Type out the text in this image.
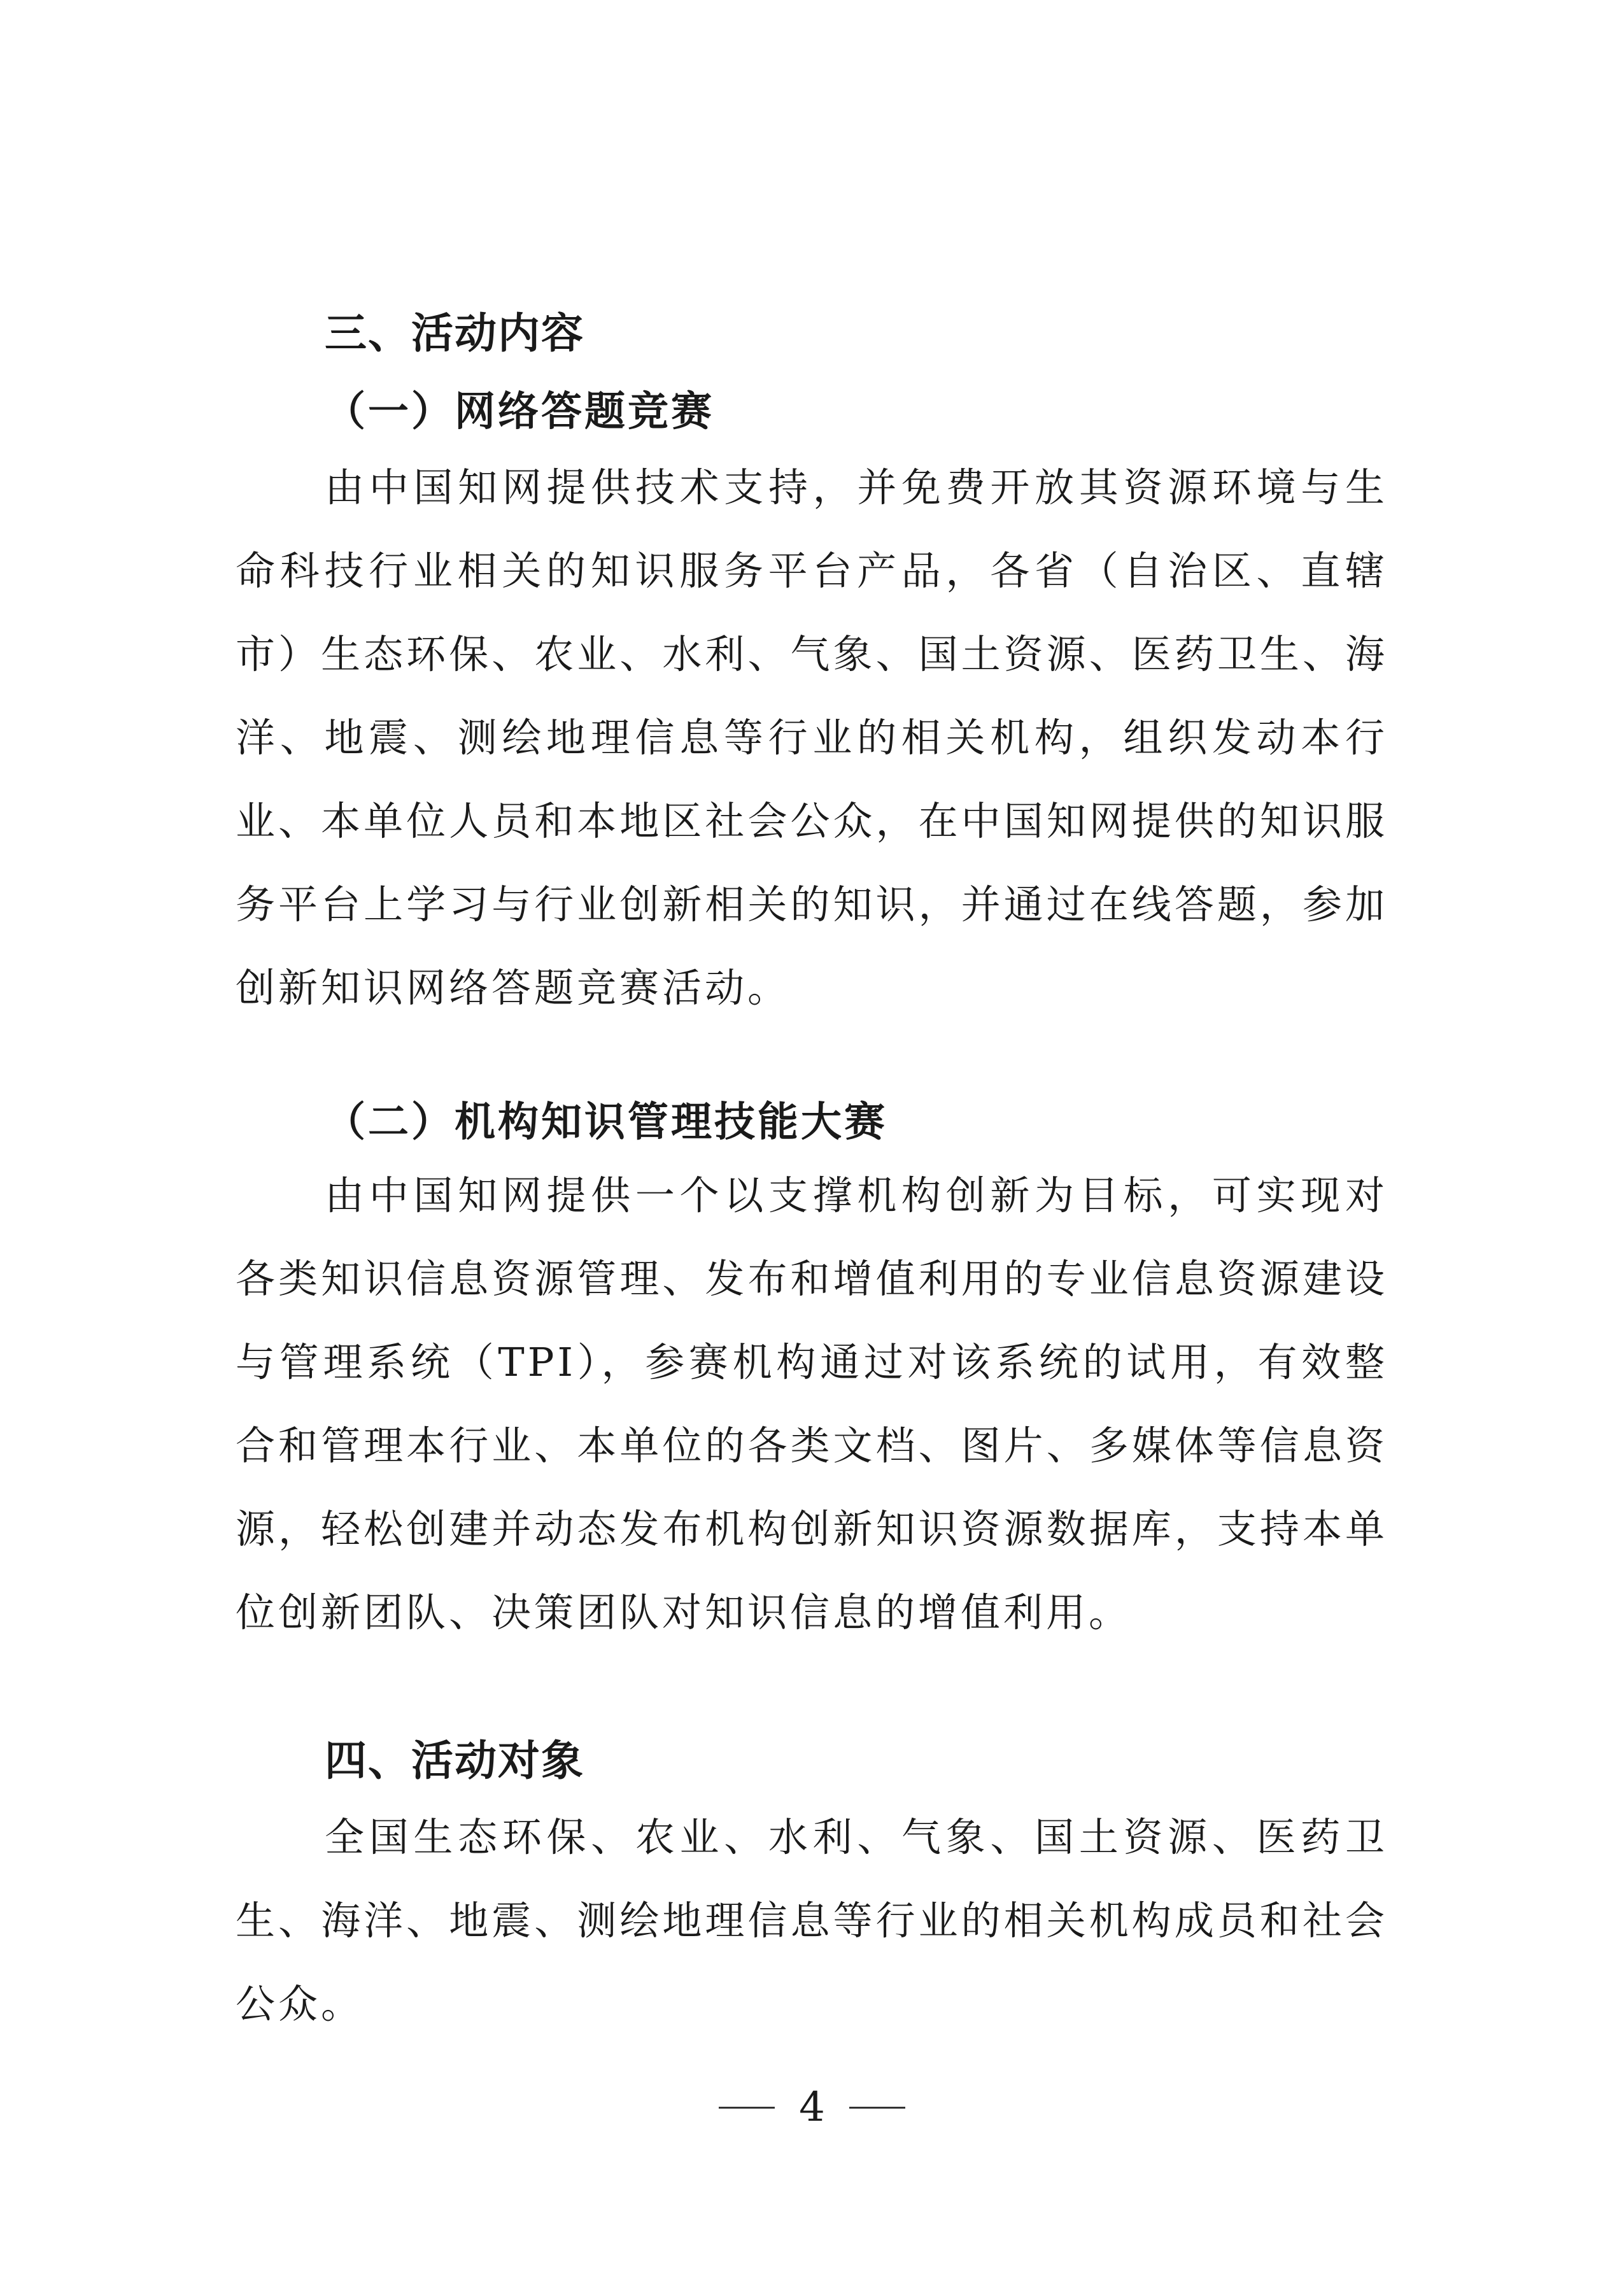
三、活动内容
（一）网络答题竞赛

由中国知网提供技术支持，并免费开放其资源环境与生命科技行业相关的知识服务平台产品，各省（自治区、直辖市）生态环保、农业、水利、气象、国土资源、医药卫生、海洋、地震、测绘地理信息等行业的相关机构，组织发动本行业、本单位人员和本地区社会公众，在中国知网提供的知识服务平台上学习与行业创新相关的知识，并通过在线答题，参加创新知识网络答题竞赛活动。

（二）机构知识管理技能大赛

由中国知网提供一个以支撑机构创新为目标，可实现对各类知识信息资源管理、发布和增值利用的专业信息资源建设与管理系统（TPI），参赛机构通过对该系统的试用，有效整合和管理本行业、本单位的各类文档、图片、多媒体等信息资源，轻松创建并动态发布机构创新知识资源数据库，支持本单位创新团队、决策团队对知识信息的增值利用。

四、活动对象

全国生态环保、农业、水利、气象、国土资源、医药卫生、海洋、地震、测绘地理信息等行业的相关机构成员和社会公众。

4
